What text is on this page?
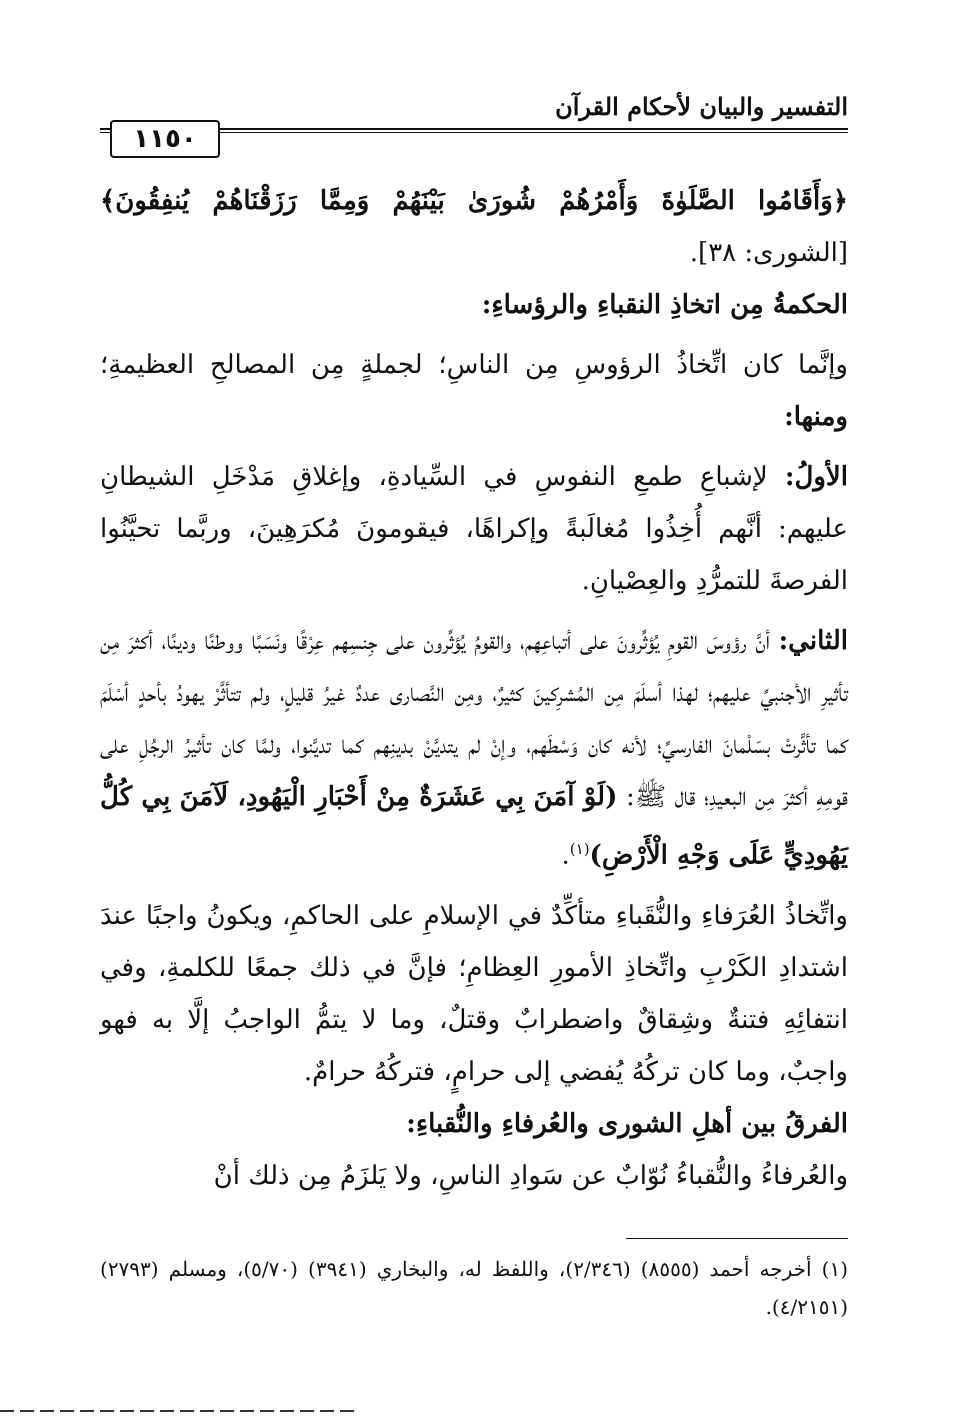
التفسير والبيان لأحكام القرآن
١١٥٠

﴿وَأَقَامُوا الصَّلَوٰةَ وَأَمْرُهُمْ شُورَىٰ بَيْنَهُمْ وَمِمَّا رَزَقْنَاهُمْ يُنفِقُونَ﴾ [الشورى: ٣٨].

الحكمةُ مِن اتخاذِ النقباءِ والرؤساءِ:

وإنَّما كان اتِّخاذُ الرؤوسِ مِن الناسِ؛ لجملةٍ مِن المصالحِ العظيمةِ؛ ومنها:

الأولُ: لإشباعِ طمعِ النفوسِ في السِّيادةِ، وإغلاقِ مَدْخَلِ الشيطانِ عليهم: أنَّهم أُخِذُوا مُغالَبةً وإكراهًا، فيقومونَ مُكرَهِينَ، وربَّما تحيَّنُوا الفرصةَ للتمرُّدِ والعِصْيانِ.

الثاني: أنَّ رؤوسَ القومِ يُؤثِّرونَ على أتباعِهم، والقومُ يُؤثِّرون على جِنسِهم عِرْقًا ونَسَبًا ووطنًا ودينًا، أكثرَ مِن تأثيرِ الأجنبيِّ عليهم؛ لهذا أسلَمَ مِن المُشرِكينَ كثيرٌ، ومِن النَّصارى عددٌ غيرُ قليلٍ، ولم تتأثَّرْ يهودُ بأحدٍ أسْلَمَ كما تأثَّرتْ بسَلْمانَ الفارسيِّ؛ لأنه كان وَسْطَهم، وإنْ لم يتديَّنْ بدينِهم كما تديَّنوا، ولمَّا كان تأثيرُ الرجُلِ على قومِهِ أكثرَ مِن البعيدِ؛ قال ﷺ: (لَوْ آمَنَ بِي عَشَرَةٌ مِنْ أَحْبَارِ الْيَهُودِ، لَآمَنَ بِي كُلُّ يَهُودِيٍّ عَلَى وَجْهِ الْأَرْضِ)$^{(١)}$.

واتِّخاذُ العُرَفاءِ والنُّقَباءِ متأكِّدٌ في الإسلامِ على الحاكمِ، ويكونُ واجبًا عندَ اشتدادِ الكَرْبِ واتِّخاذِ الأمورِ العِظامِ؛ فإنَّ في ذلك جمعًا للكلمةِ، وفي انتفائِهِ فتنةٌ وشِقاقٌ واضطرابٌ وقتلٌ، وما لا يتمُّ الواجبُ إلَّا به فهو واجبٌ، وما كان تركُهُ يُفضي إلى حرامٍ، فتركُهُ حرامٌ.

الفرقُ بين أهلِ الشورى والعُرفاءِ والنُّقباءِ:

والعُرفاءُ والنُّقباءُ نُوّابٌ عن سَوادِ الناسِ، ولا يَلزَمُ مِن ذلك أنْ

(١) أخرجه أحمد (٨٥٥٥) (٢/٣٤٦)، واللفظ له، والبخاري (٣٩٤١) (٥/٧٠)، ومسلم (٢٧٩٣) (٤/٢١٥١).
